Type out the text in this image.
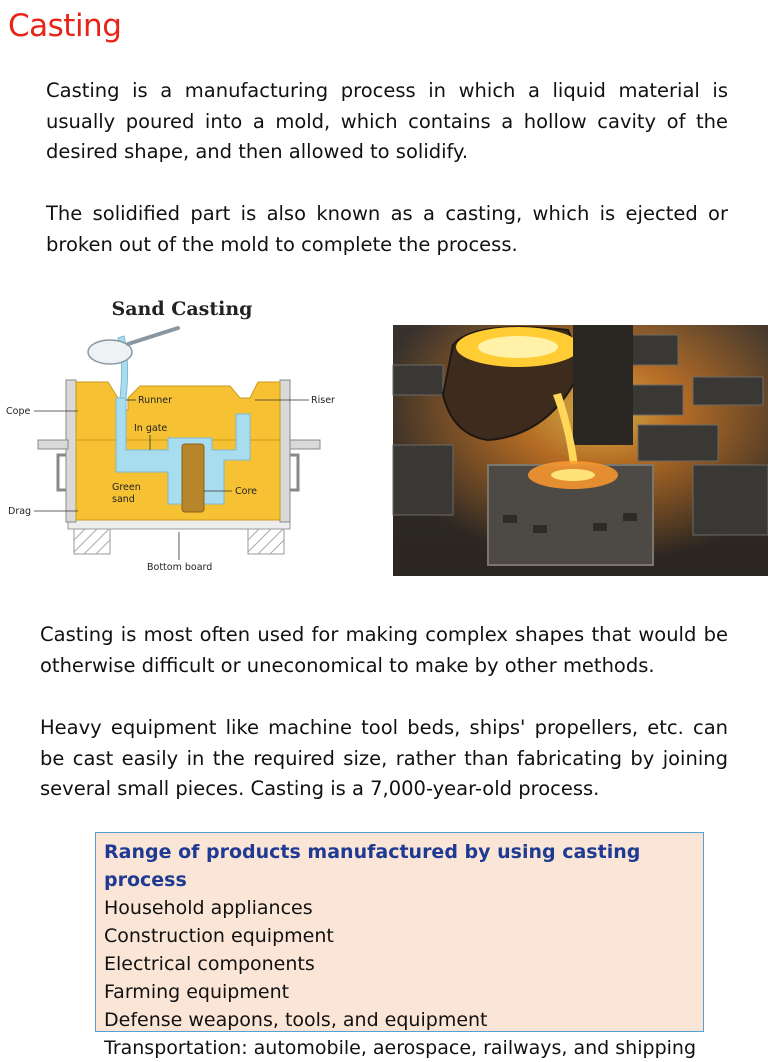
Casting

Casting is a manufacturing process in which a liquid material is usually poured into a mold, which contains a hollow cavity of the desired shape, and then allowed to solidify.

The solidified part is also known as a casting, which is ejected or broken out of the mold to complete the process.

Sand Casting
Cope
Drag
Runner	Riser
In gate
Green
sand
Core
Bottom board

Casting is most often used for making complex shapes that would be otherwise difficult or uneconomical to make by other methods.

Heavy equipment like machine tool beds, ships' propellers, etc. can be cast easily in the required size, rather than fabricating by joining several small pieces. Casting is a 7,000-year-old process.

Range of products manufactured by using casting process
Household appliances
Construction equipment
Electrical components
Farming equipment
Defense weapons, tools, and equipment
Transportation: automobile, aerospace, railways, and shipping
